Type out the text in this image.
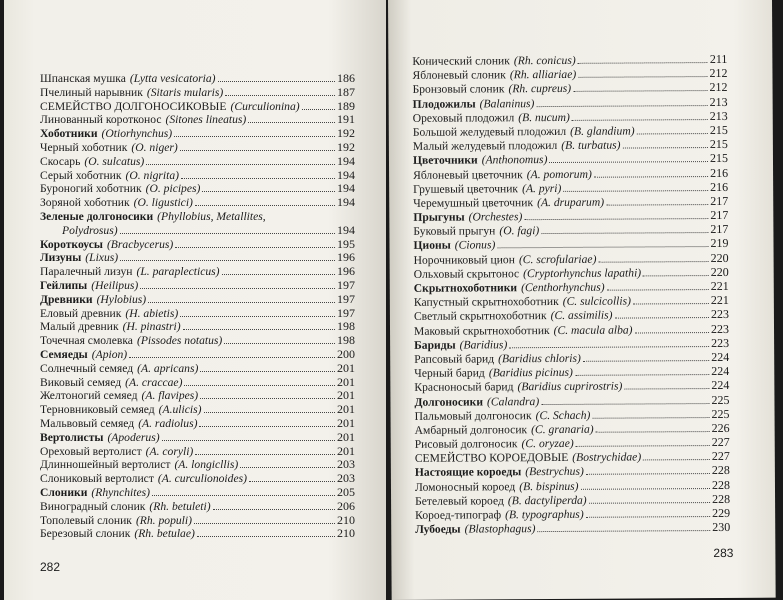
Шпанская мушка (Lytta vesicatoria)	186
Пчелиный нарывник (Sitaris mularis)	187
СЕМЕЙСТВО ДОЛГОНОСИКОВЫЕ (Curculionina)	189
Линованный коротконос (Sitones lineatus)	191
Хоботники (Otiorhynchus)	192
Черный хоботник (O. niger)	192
Скосарь (O. sulcatus)	194
Серый хоботник (O. nigrita)	194
Буроногий хоботник (O. picipes)	194
Зоряной хоботник (O. ligustici)	194
Зеленые долгоносики (Phyllobius, Metallites,
Polydrosus)	194
Короткоусы (Bracbycerus)	195
Лизуны (Lixus)	196
Паралечный лизун (L. paraplecticus)	196
Гейлипы (Heilipus)	197
Древники (Hylobius)	197
Еловый древник (H. abietis)	197
Малый древник (H. pinastri)	198
Точечная смолевка (Pissodes notatus)	198
Семяеды (Apion)	200
Солнечный семяед (A. apricans)	201
Виковый семяед (A. craccae)	201
Желтоногий семяед (A. flavipes)	201
Терновниковый семяед (A.ulicis)	201
Мальвовый семяед (A. radiolus)	201
Вертолисты (Apoderus)	201
Ореховый вертолист (A. coryli)	201
Длинношейный вертолист (A. longicllis)	203
Слониковый вертолист (A. curculionoides)	203
Слоники (Rhynchites)	205
Виноградный слоник (Rh. betuleti)	206
Тополевый слоник (Rh. populi)	210
Березовый слоник (Rh. betulae)	210
282
Конический слоник (Rh. conicus)	211
Яблоневый слоник (Rh. alliariae)	212
Бронзовый слоник (Rh. cupreus)	212
Плодожилы (Balaninus)	213
Ореховый плодожил (B. nucum)	213
Большой желудевый плодожил (B. glandium)	215
Малый желудевый плодожил (B. turbatus)	215
Цветочники (Anthonomus)	215
Яблоневый цветочник (A. pomorum)	216
Грушевый цветочник (A. pyri)	216
Черемушный цветочник (A. druparum)	217
Прыгуны (Orchestes)	217
Буковый прыгун (O. fagi)	217
Ционы (Cionus)	219
Норочниковый цион (C. scrofulariae)	220
Ольховый скрытонос (Cryptorhynchus lapathi)	220
Скрытнохоботники (Centhorhynchus)	221
Капустный скрытнохоботник (C. sulcicollis)	221
Светлый скрытнохоботник (C. assimilis)	223
Маковый скрытнохоботник (C. macula alba)	223
Бариды (Baridius)	223
Рапсовый барид (Baridius chloris)	224
Черный барид (Baridius picinus)	224
Красноносый барид (Baridius cuprirostris)	224
Долгоносики (Calandra)	225
Пальмовый долгоносик (C. Schach)	225
Амбарный долгоносик (C. granaria)	226
Рисовый долгоносик (C. oryzae)	227
СЕМЕЙСТВО КОРОЕДОВЫЕ (Bostrychidae)	227
Настоящие короеды (Bestrychus)	228
Ломоносный короед (B. bispinus)	228
Бетелевый короед (B. dactyliperda)	228
Короед-типограф (B. typographus)	229
Лубоеды (Blastophagus)	230
283
